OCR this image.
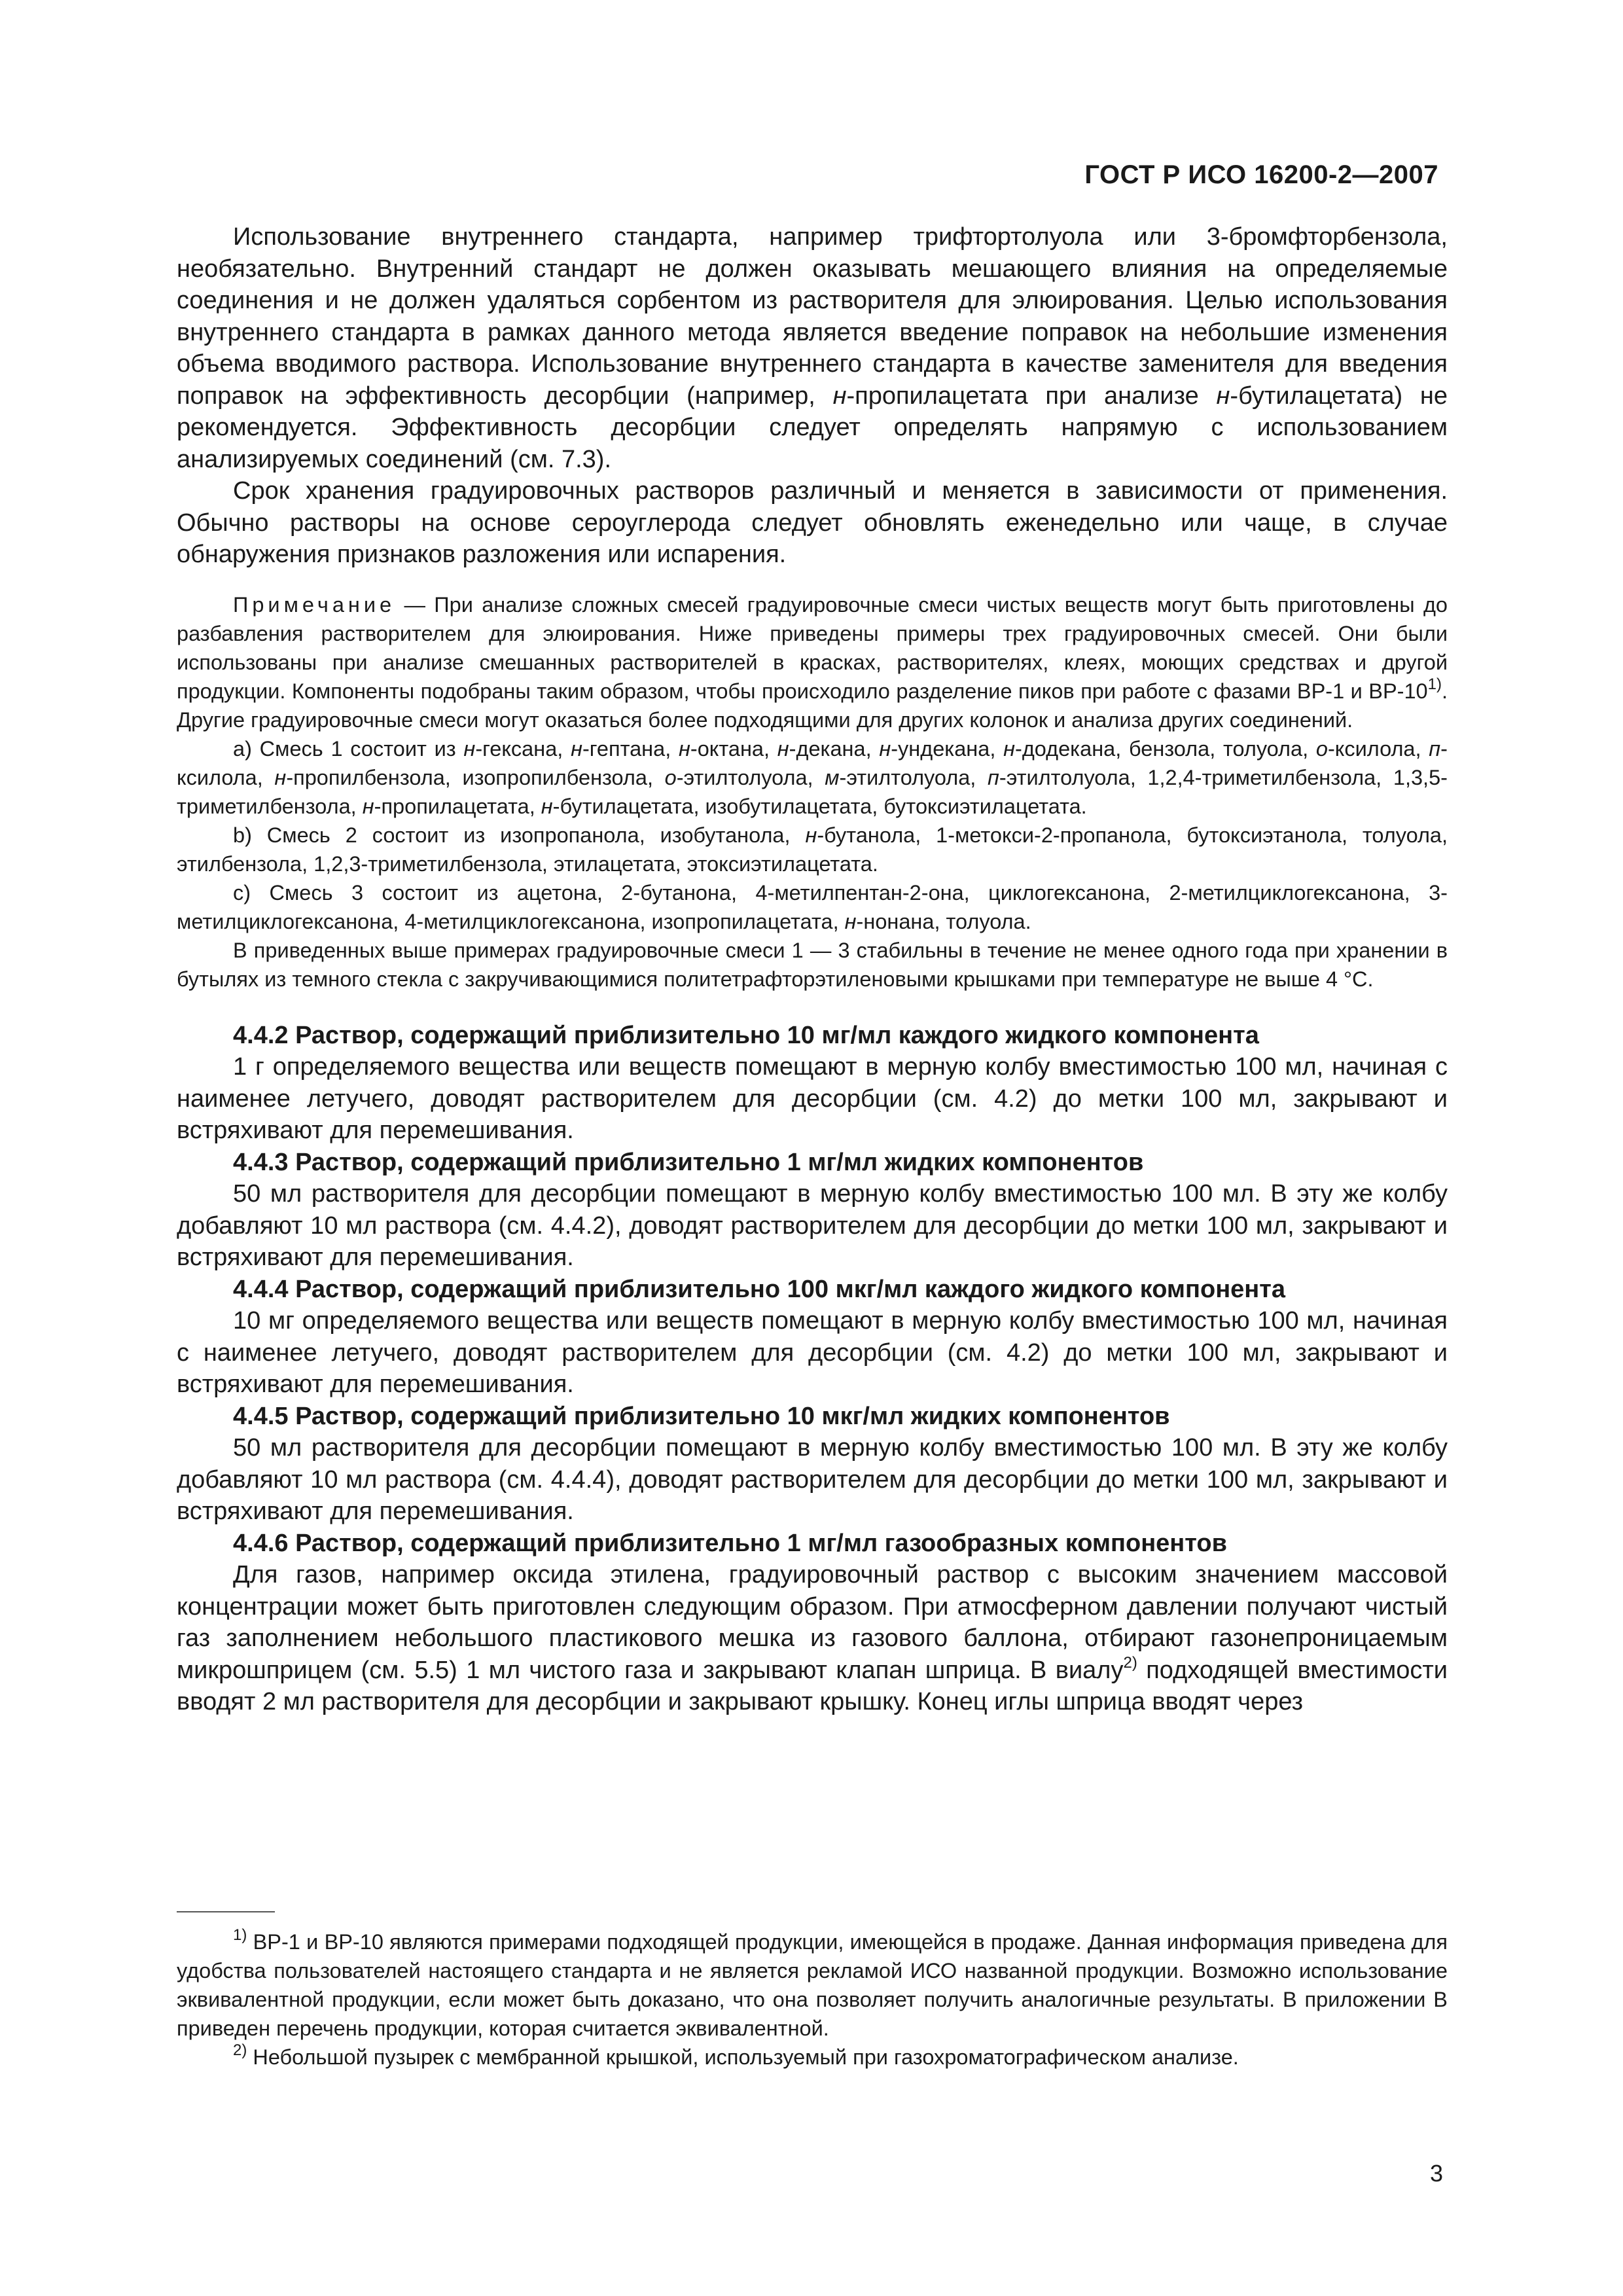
ГОСТ Р ИСО 16200-2—2007

Использование внутреннего стандарта, например трифтортолуола или 3-бромфторбензола, необязательно. Внутренний стандарт не должен оказывать мешающего влияния на определяемые соединения и не должен удаляться сорбентом из растворителя для элюирования. Целью использования внутреннего стандарта в рамках данного метода является введение поправок на небольшие изменения объема вводимого раствора. Использование внутреннего стандарта в качестве заменителя для введения поправок на эффективность десорбции (например, н-пропилацетата при анализе н-бутилацетата) не рекомендуется. Эффективность десорбции следует определять напрямую с использованием анализируемых соединений (см. 7.3).

Срок хранения градуировочных растворов различный и меняется в зависимости от применения. Обычно растворы на основе сероуглерода следует обновлять еженедельно или чаще, в случае обнаружения признаков разложения или испарения.

Примечание — При анализе сложных смесей градуировочные смеси чистых веществ могут быть приготовлены до разбавления растворителем для элюирования. Ниже приведены примеры трех градуировочных смесей. Они были использованы при анализе смешанных растворителей в красках, растворителях, клеях, моющих средствах и другой продукции. Компоненты подобраны таким образом, чтобы происходило разделение пиков при работе с фазами ВР-1 и ВР-10$^{1)}$. Другие градуировочные смеси могут оказаться более подходящими для других колонок и анализа других соединений.

a) Смесь 1 состоит из н-гексана, н-гептана, н-октана, н-декана, н-ундекана, н-додекана, бензола, толуола, о-ксилола, п-ксилола, н-пропилбензола, изопропилбензола, о-этилтолуола, м-этилтолуола, п-этилтолуола, 1,2,4-триметилбензола, 1,3,5-триметилбензола, н-пропилацетата, н-бутилацетата, изобутилацетата, бутоксиэтилацетата.

b) Смесь 2 состоит из изопропанола, изобутанола, н-бутанола, 1-метокси-2-пропанола, бутоксиэтанола, толуола, этилбензола, 1,2,3-триметилбензола, этилацетата, этоксиэтилацетата.

c) Смесь 3 состоит из ацетона, 2-бутанона, 4-метилпентан-2-она, циклогексанона, 2-метилциклогексанона, 3-метилциклогексанона, 4-метилциклогексанона, изопропилацетата, н-нонана, толуола.

В приведенных выше примерах градуировочные смеси 1 — 3 стабильны в течение не менее одного года при хранении в бутылях из темного стекла с закручивающимися политетрафторэтиленовыми крышками при температуре не выше 4 °С.

4.4.2 Раствор, содержащий приблизительно 10 мг/мл каждого жидкого компонента

1 г определяемого вещества или веществ помещают в мерную колбу вместимостью 100 мл, начиная с наименее летучего, доводят растворителем для десорбции (см. 4.2) до метки 100 мл, закрывают и встряхивают для перемешивания.

4.4.3 Раствор, содержащий приблизительно 1 мг/мл жидких компонентов

50 мл растворителя для десорбции помещают в мерную колбу вместимостью 100 мл. В эту же колбу добавляют 10 мл раствора (см. 4.4.2), доводят растворителем для десорбции до метки 100 мл, закрывают и встряхивают для перемешивания.

4.4.4 Раствор, содержащий приблизительно 100 мкг/мл каждого жидкого компонента

10 мг определяемого вещества или веществ помещают в мерную колбу вместимостью 100 мл, начиная с наименее летучего, доводят растворителем для десорбции (см. 4.2) до метки 100 мл, закрывают и встряхивают для перемешивания.

4.4.5 Раствор, содержащий приблизительно 10 мкг/мл жидких компонентов

50 мл растворителя для десорбции помещают в мерную колбу вместимостью 100 мл. В эту же колбу добавляют 10 мл раствора (см. 4.4.4), доводят растворителем для десорбции до метки 100 мл, закрывают и встряхивают для перемешивания.

4.4.6 Раствор, содержащий приблизительно 1 мг/мл газообразных компонентов

Для газов, например оксида этилена, градуировочный раствор с высоким значением массовой концентрации может быть приготовлен следующим образом. При атмосферном давлении получают чистый газ заполнением небольшого пластикового мешка из газового баллона, отбирают газонепроницаемым микрошприцем (см. 5.5) 1 мл чистого газа и закрывают клапан шприца. В виалу$^{2)}$ подходящей вместимости вводят 2 мл растворителя для десорбции и закрывают крышку. Конец иглы шприца вводят через

$^{1)}$ ВР-1 и ВР-10 являются примерами подходящей продукции, имеющейся в продаже. Данная информация приведена для удобства пользователей настоящего стандарта и не является рекламой ИСО названной продукции. Возможно использование эквивалентной продукции, если может быть доказано, что она позволяет получить аналогичные результаты. В приложении В приведен перечень продукции, которая считается эквивалентной.

$^{2)}$ Небольшой пузырек с мембранной крышкой, используемый при газохроматографическом анализе.

3
